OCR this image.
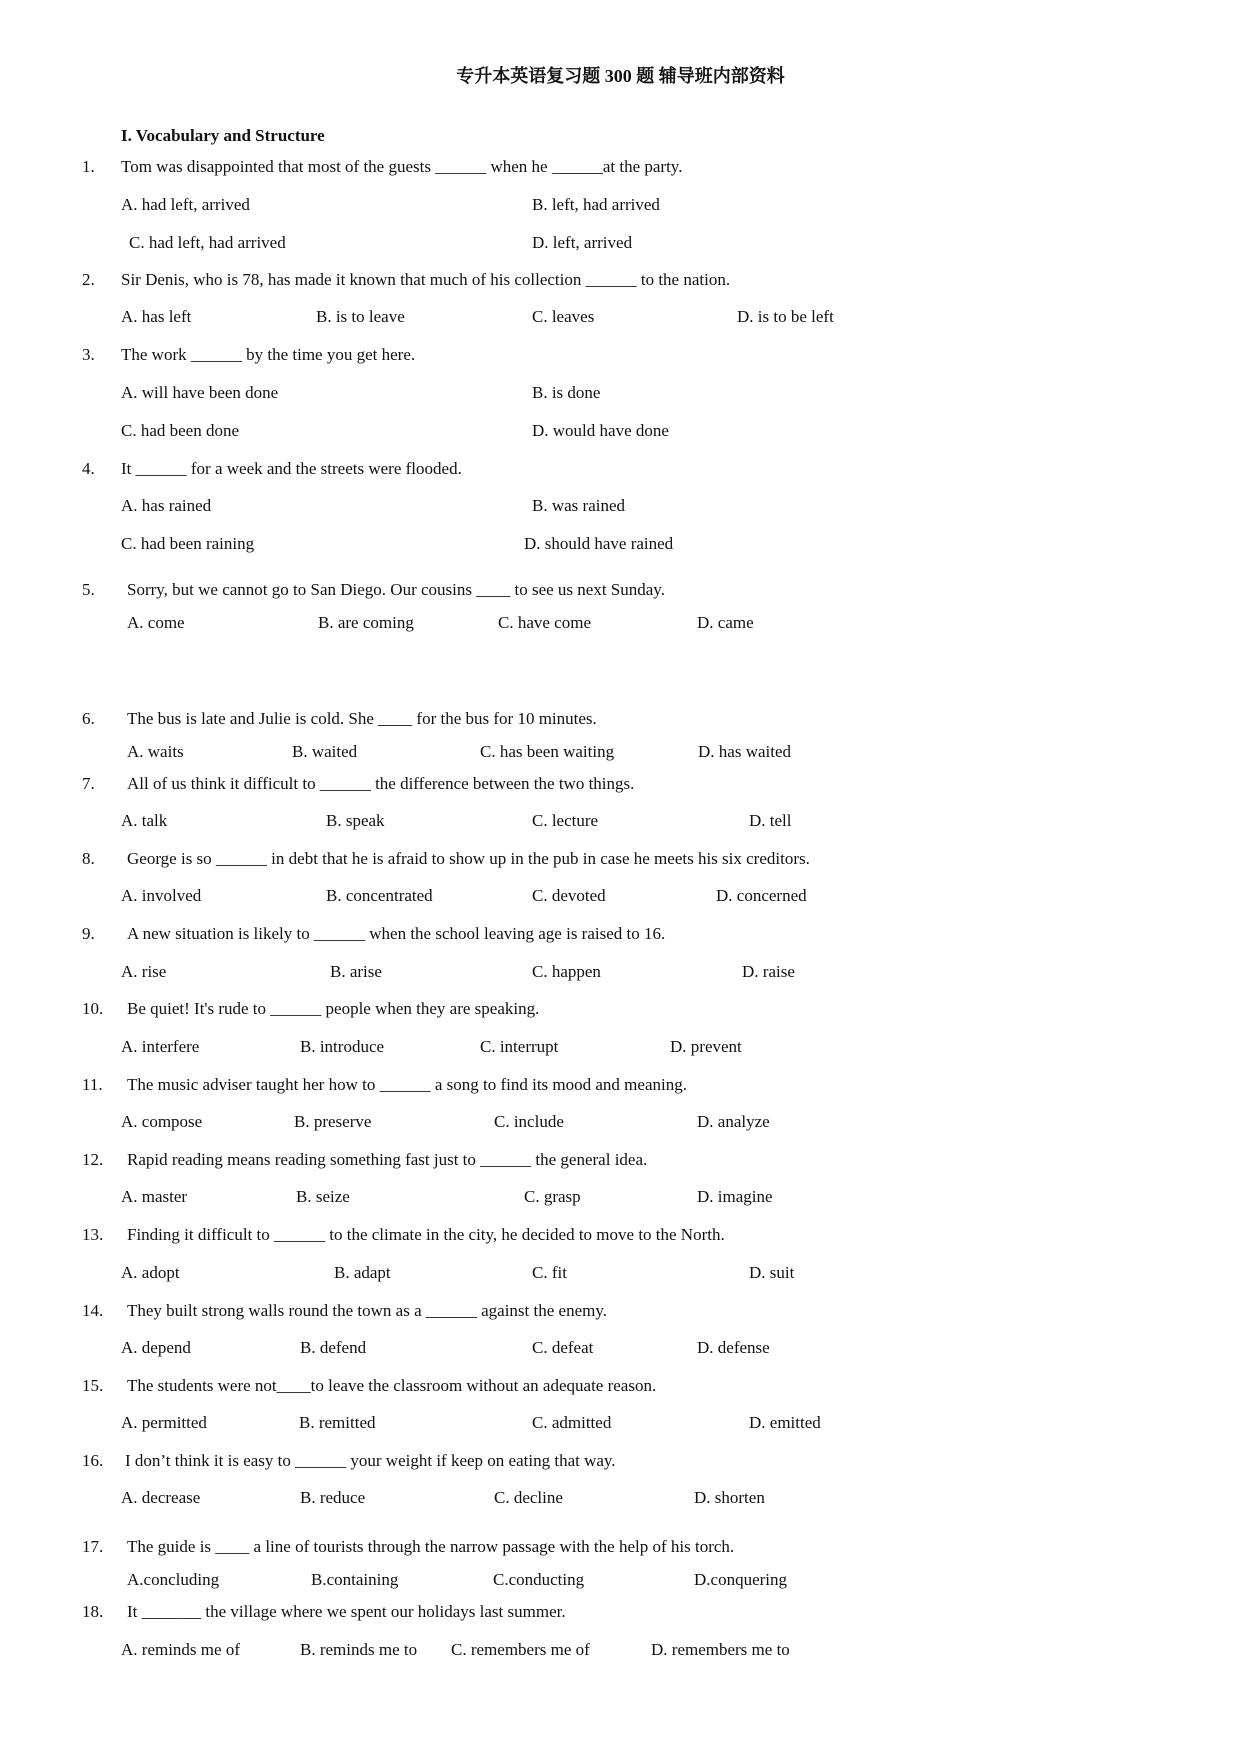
专升本英语复习题 300 题 辅导班内部资料
I. Vocabulary and Structure
1. Tom was disappointed that most of the guests ______ when he ______at the party.
A. had left, arrived	B. left, had arrived
C. had left, had arrived	D. left, arrived
2. Sir Denis, who is 78, has made it known that much of his collection ______ to the nation.
A. has left	B. is to leave	C. leaves	D. is to be left
3. The work ______ by the time you get here.
A. will have been done	B. is done
C. had been done	D. would have done
4. It ______ for a week and the streets were flooded.
A. has rained	B. was rained
C. had been raining	D. should have rained
5. Sorry, but we cannot go to San Diego. Our cousins ____ to see us next Sunday.
A. come	B. are coming	C. have come	D. came
6. The bus is late and Julie is cold. She ____ for the bus for 10 minutes.
A. waits	B. waited	C. has been waiting	D. has waited
7. All of us think it difficult to ______ the difference between the two things.
A. talk	B. speak	C. lecture	D. tell
8. George is so ______ in debt that he is afraid to show up in the pub in case he meets his six creditors.
A. involved	B. concentrated	C. devoted	D. concerned
9. A new situation is likely to ______ when the school leaving age is raised to 16.
A. rise	B. arise	C. happen	D. raise
10. Be quiet! It's rude to ______ people when they are speaking.
A. interfere	B. introduce	C. interrupt	D. prevent
11. The music adviser taught her how to ______ a song to find its mood and meaning.
A. compose	B. preserve	C. include	D. analyze
12. Rapid reading means reading something fast just to ______ the general idea.
A. master	B. seize	C. grasp	D. imagine
13. Finding it difficult to ______ to the climate in the city, he decided to move to the North.
A. adopt	B. adapt	C. fit	D. suit
14. They built strong walls round the town as a ______ against the enemy.
A. depend	B. defend	C. defeat	D. defense
15. The students were not____to leave the classroom without an adequate reason.
A. permitted	B. remitted	C. admitted	D. emitted
16. I don’t think it is easy to ______ your weight if keep on eating that way.
A. decrease	B. reduce	C. decline	D. shorten
17. The guide is ____ a line of tourists through the narrow passage with the help of his torch.
A.concluding	B.containing	C.conducting	D.conquering
18. It _______ the village where we spent our holidays last summer.
A. reminds me of	B. reminds me to C. remembers me of	D. remembers me to
